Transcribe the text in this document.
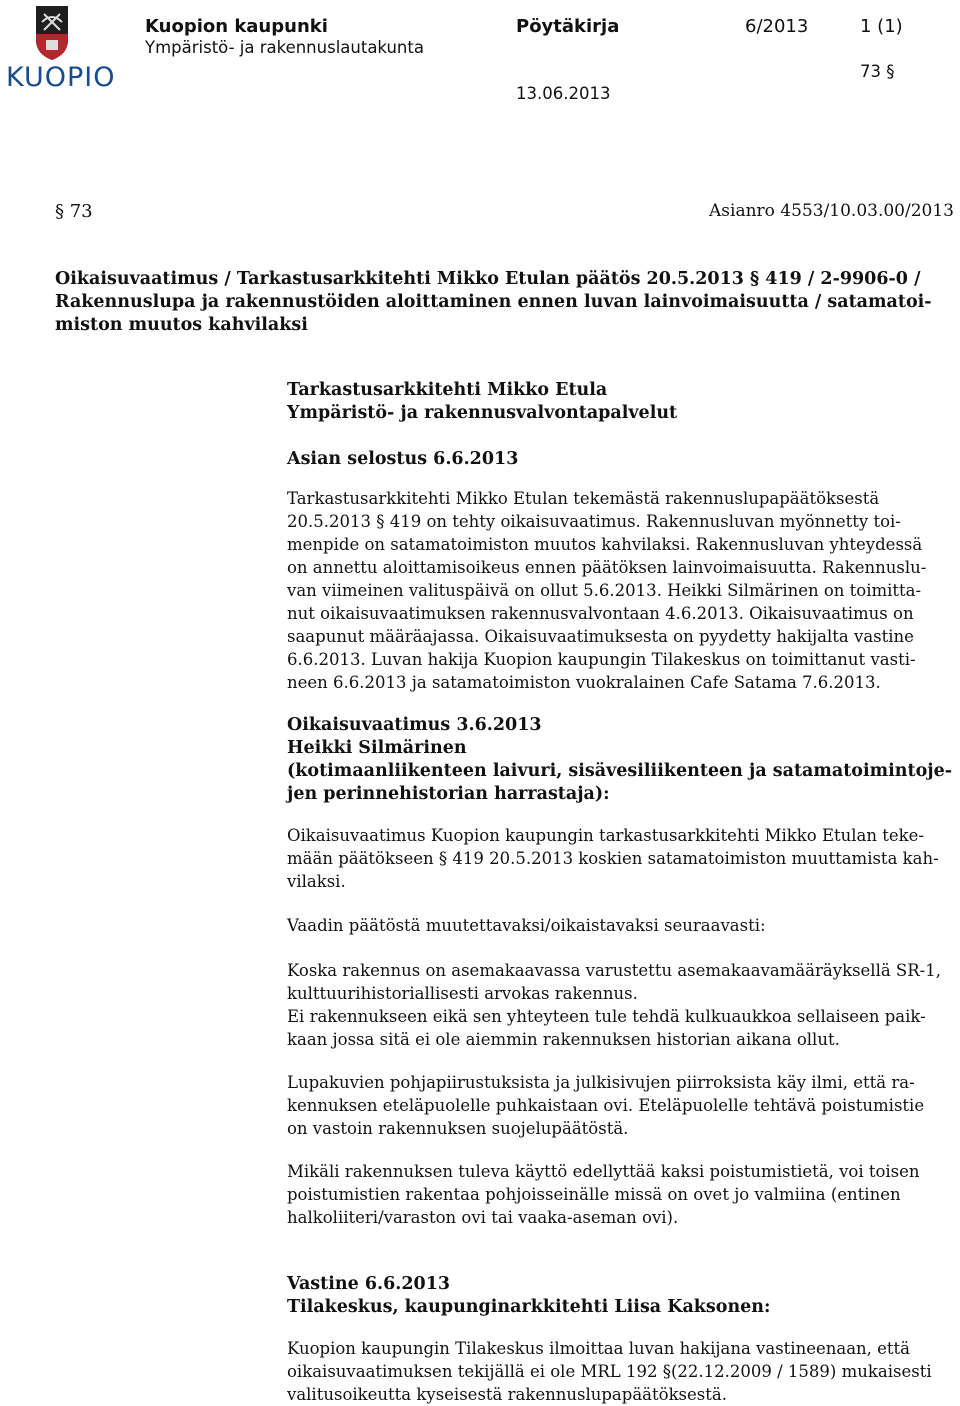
KUOPIO
Kuopion kaupunki
Ympäristö- ja rakennuslautakunta
Pöytäkirja	6/2013	1 (1)
73 §
13.06.2013
§ 73	Asianro 4553/10.03.00/2013
Oikaisuvaatimus / Tarkastusarkkitehti Mikko Etulan päätös 20.5.2013 § 419 / 2-9906-0 /
Rakennuslupa ja rakennustöiden aloittaminen ennen luvan lainvoimaisuutta / satamatoi-
miston muutos kahvilaksi
Tarkastusarkkitehti Mikko Etula
Ympäristö- ja rakennusvalvontapalvelut
Asian selostus 6.6.2013
Tarkastusarkkitehti Mikko Etulan tekemästä rakennuslupapäätöksestä
20.5.2013 § 419 on tehty oikaisuvaatimus. Rakennusluvan myönnetty toi-
menpide on satamatoimiston muutos kahvilaksi. Rakennusluvan yhteydessä
on annettu aloittamisoikeus ennen päätöksen lainvoimaisuutta. Rakennuslu-
van viimeinen valituspäivä on ollut 5.6.2013. Heikki Silmärinen on toimitta-
nut oikaisuvaatimuksen rakennusvalvontaan 4.6.2013. Oikaisuvaatimus on
saapunut määräajassa. Oikaisuvaatimuksesta on pyydetty hakijalta vastine
6.6.2013. Luvan hakija Kuopion kaupungin Tilakeskus on toimittanut vasti-
neen 6.6.2013 ja satamatoimiston vuokralainen Cafe Satama 7.6.2013.
Oikaisuvaatimus 3.6.2013
Heikki Silmärinen
(kotimaanliikenteen laivuri, sisävesiliikenteen ja satamatoimintoje-
jen perinnehistorian harrastaja):
Oikaisuvaatimus Kuopion kaupungin tarkastusarkkitehti Mikko Etulan teke-
mään päätökseen § 419 20.5.2013 koskien satamatoimiston muuttamista kah-
vilaksi.
Vaadin päätöstä muutettavaksi/oikaistavaksi seuraavasti:
Koska rakennus on asemakaavassa varustettu asemakaavamääräyksellä SR-1,
kulttuurihistoriallisesti arvokas rakennus.
Ei rakennukseen eikä sen yhteyteen tule tehdä kulkuaukkoa sellaiseen paik-
kaan jossa sitä ei ole aiemmin rakennuksen historian aikana ollut.
Lupakuvien pohjapiirustuksista ja julkisivujen piirroksista käy ilmi, että ra-
kennuksen eteläpuolelle puhkaistaan ovi. Eteläpuolelle tehtävä poistumistie
on vastoin rakennuksen suojelupäätöstä.
Mikäli rakennuksen tuleva käyttö edellyttää kaksi poistumistietä, voi toisen
poistumistien rakentaa pohjoisseinälle missä on ovet jo valmiina (entinen
halkoliiteri/varaston ovi tai vaaka-aseman ovi).
Vastine 6.6.2013
Tilakeskus, kaupunginarkkitehti Liisa Kaksonen:
Kuopion kaupungin Tilakeskus ilmoittaa luvan hakijana vastineenaan, että
oikaisuvaatimuksen tekijällä ei ole MRL 192 §(22.12.2009 / 1589) mukaisesti
valitusoikeutta kyseisestä rakennuslupapäätöksestä.
